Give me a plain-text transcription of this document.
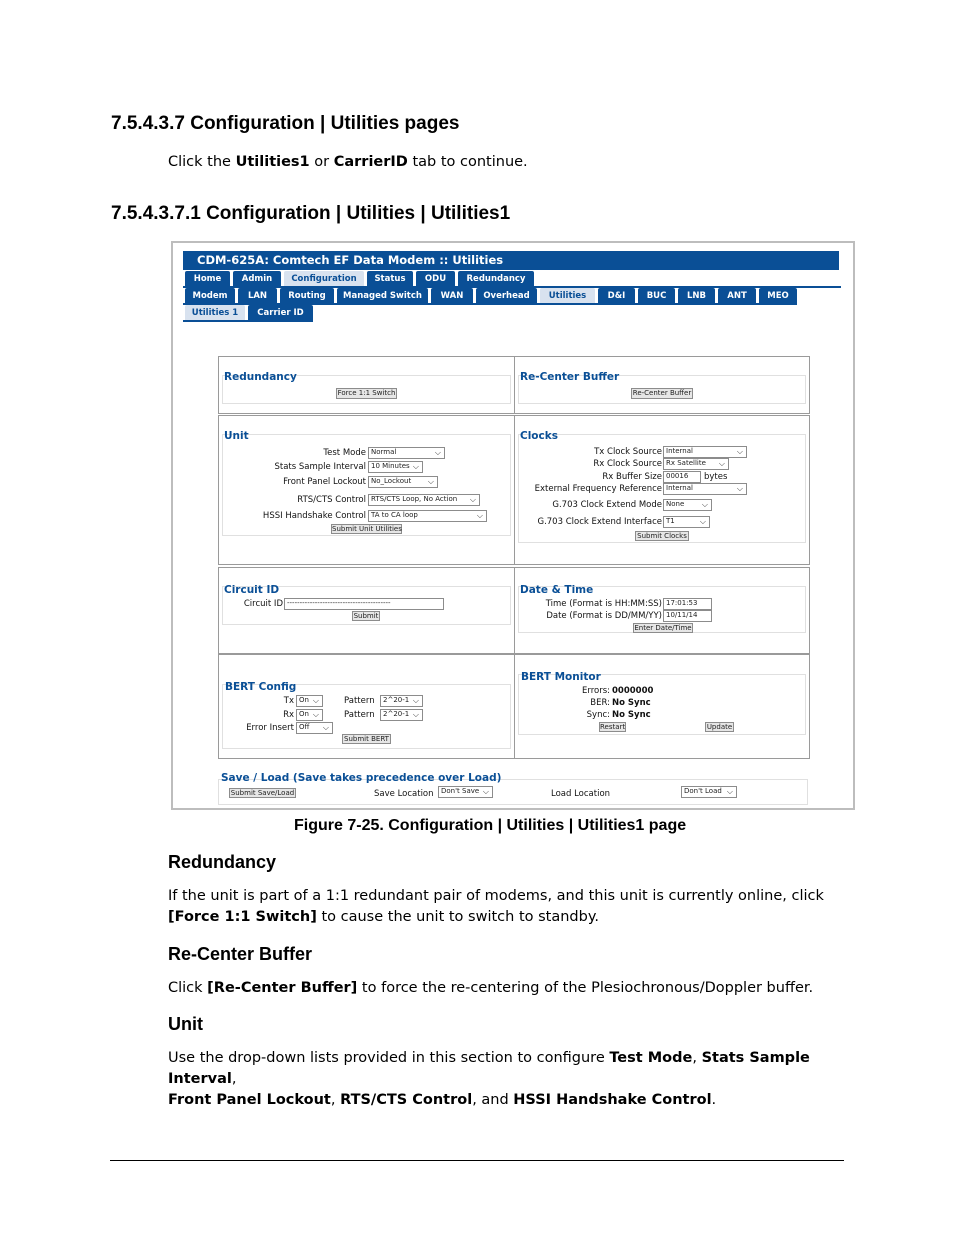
7.5.4.3.7 Configuration | Utilities pages
Click the Utilities1 or CarrierID tab to continue.
7.5.4.3.7.1 Configuration | Utilities | Utilities1
CDM-625A: Comtech EF Data Modem :: Utilities
Home	Admin	Configuration	Status	ODU	Redundancy
Modem	LAN	Routing	Managed Switch	WAN	Overhead	Utilities	D&I	BUC	LNB	ANT	MEO
Utilities 1	Carrier ID
Redundancy
Force 1:1 Switch
Re-Center Buffer
Re-Center Buffer
Unit
Test Mode Normal	⌵
Stats Sample Interval 10 Minutes ⌵
Front Panel Lockout No_Lockout ⌵
RTS/CTS Control RTS/CTS Loop, No Action ⌵
HSSI Handshake Control TA to CA loop	⌵
Submit Unit Utilities
Clocks
Tx Clock Source Internal	⌵
Rx Clock Source Rx Satellite ⌵
Rx Buffer Size 00016	bytes
External Frequency Reference Internal	⌵
G.703 Clock Extend Mode None ⌵
G.703 Clock Extend Interface T1	⌵
Submit Clocks
Circuit ID
Circuit ID -----------------------------------------
Submit
Date & Time
Time (Format is HH:MM:SS) 17:01:53
Date (Format is DD/MM/YY) 10/11/14
Enter Date/Time
BERT Config
Tx On ⌵	Pattern	2^20-1 ⌵
Rx On ⌵	Pattern	2^20-1 ⌵
Error Insert Off ⌵
Submit BERT
BERT Monitor
Errors: 0000000
BER: No Sync
Sync: No Sync
Restart	Update
Save / Load (Save takes precedence over Load)
Submit Save/Load	Save Location	Don't Save ⌵	Load Location	Don't Load ⌵
Figure 7-25. Configuration | Utilities | Utilities1 page
Redundancy
If the unit is part of a 1:1 redundant pair of modems, and this unit is currently online, click
[Force 1:1 Switch] to cause the unit to switch to standby.
Re-Center Buffer
Click [Re-Center Buffer] to force the re-centering of the Plesiochronous/Doppler buffer.
Unit
Use the drop-down lists provided in this section to configure Test Mode, Stats Sample Interval,
Front Panel Lockout, RTS/CTS Control, and HSSI Handshake Control.
